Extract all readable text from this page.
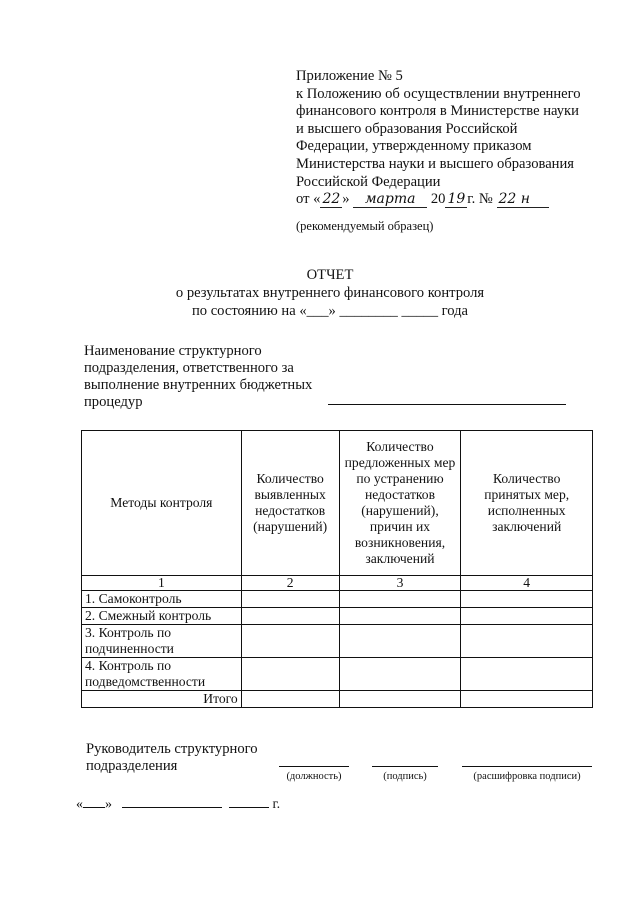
Приложение № 5
к Положению об осуществлении внутреннего
финансового контроля в Министерстве науки
и высшего образования Российской
Федерации, утвержденному приказом
Министерства науки и высшего образования
Российской Федерации
от « 22 » марта 20 19 г. № 22 н
(рекомендуемый образец)
ОТЧЕТ
о результатах внутреннего финансового контроля
по состоянию на «___» ________ _____ года
Наименование структурного
подразделения, ответственного за
выполнение внутренних бюджетных
процедур
Методы контроля	Количество выявленных недостатков (нарушений)	Количество предложенных мер по устранению недостатков (нарушений), причин их возникновения, заключений	Количество принятых мер, исполненных заключений
1	2	3	4
1. Самоконтроль			
2. Смежный контроль			
3. Контроль по подчиненности			
4. Контроль по подведомственности			
Итого			
Руководитель структурного
подразделения
(должность)	(подпись)	(расшифровка подписи)
« »	г.
